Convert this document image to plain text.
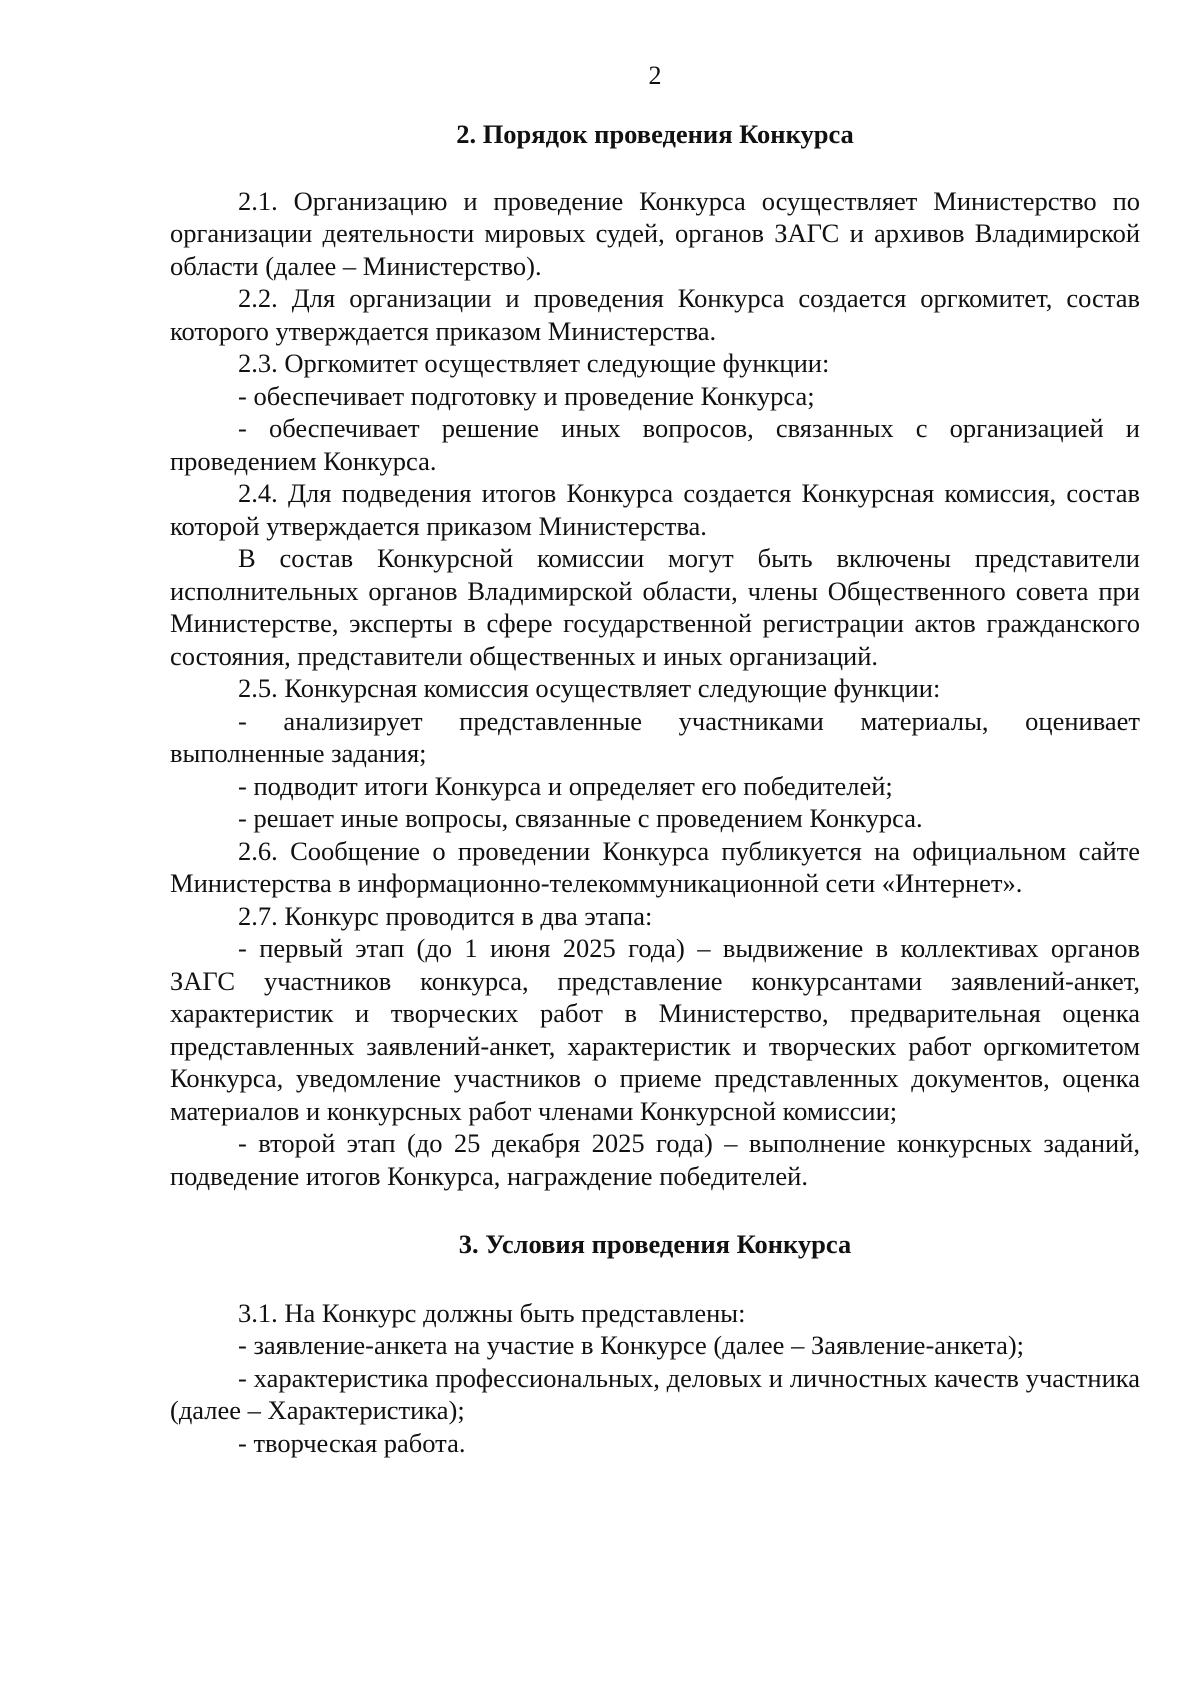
2
2. Порядок проведения Конкурса

2.1. Организацию и проведение Конкурса осуществляет Министерство по организации деятельности мировых судей, органов ЗАГС и архивов Владимирской области (далее – Министерство).

2.2. Для организации и проведения Конкурса создается оргкомитет, состав которого утверждается приказом Министерства.

2.3. Оргкомитет осуществляет следующие функции:

- обеспечивает подготовку и проведение Конкурса;

- обеспечивает решение иных вопросов, связанных с организацией и проведением Конкурса.

2.4. Для подведения итогов Конкурса создается Конкурсная комиссия, состав которой утверждается приказом Министерства.

В состав Конкурсной комиссии могут быть включены представители исполнительных органов Владимирской области, члены Общественного совета при Министерстве, эксперты в сфере государственной регистрации актов гражданского состояния, представители общественных и иных организаций.

2.5. Конкурсная комиссия осуществляет следующие функции:

- анализирует представленные участниками материалы, оценивает выполненные задания;

- подводит итоги Конкурса и определяет его победителей;

- решает иные вопросы, связанные с проведением Конкурса.

2.6. Сообщение о проведении Конкурса публикуется на официальном сайте Министерства в информационно-телекоммуникационной сети «Интернет».

2.7. Конкурс проводится в два этапа:

- первый этап (до 1 июня 2025 года) – выдвижение в коллективах органов ЗАГС участников конкурса, представление конкурсантами заявлений-анкет, характеристик и творческих работ в Министерство, предварительная оценка представленных заявлений-анкет, характеристик и творческих работ оргкомитетом Конкурса, уведомление участников о приеме представленных документов, оценка материалов и конкурсных работ членами Конкурсной комиссии;

- второй этап (до 25 декабря 2025 года) – выполнение конкурсных заданий, подведение итогов Конкурса, награждение победителей.

3. Условия проведения Конкурса

3.1. На Конкурс должны быть представлены:

- заявление-анкета на участие в Конкурсе (далее – Заявление-анкета);

- характеристика профессиональных, деловых и личностных качеств участника (далее – Характеристика);

- творческая работа.
